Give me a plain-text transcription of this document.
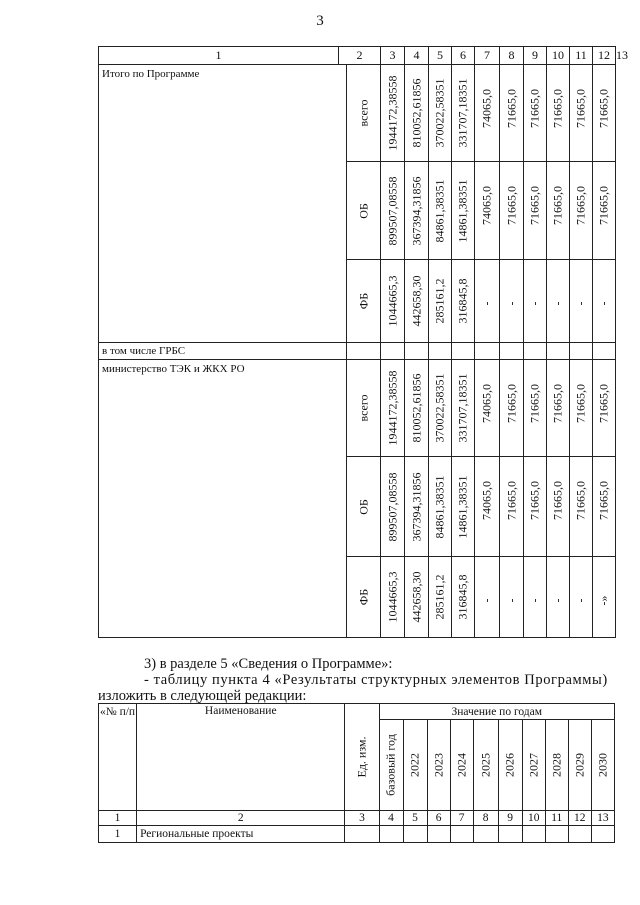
3
1	2		3	4	5	6	7	8	9	10	11	12	13
Итого по Программе		всего	1944172,38558	810052,61856	370022,58351	331707,18351	74065,0	71665,0	71665,0	71665,0	71665,0	71665,0	

		ОБ	899507,08558	367394,31856	84861,38351	14861,38351	74065,0	71665,0	71665,0	71665,0	71665,0	71665,0	

		ФБ	1044665,3	442658,30	285161,2	316845,8	-	-	-	-	-	-	

в том числе ГРБС													
министерство ТЭК и ЖКХ РО		всего	1944172,38558	810052,61856	370022,58351	331707,18351	74065,0	71665,0	71665,0	71665,0	71665,0	71665,0	

		ОБ	899507,08558	367394,31856	84861,38351	14861,38351	74065,0	71665,0	71665,0	71665,0	71665,0	71665,0	

		ФБ	1044665,3	442658,30	285161,2	316845,8	-	-	-	-	-	-»	
3) в разделе 5 «Сведения о Программе»:
- таблицу пункта 4 «Результаты структурных элементов Программы)
изложить в следующей редакции:
«№ п/п	Наименование	Ед. изм.	Значение по годам									

			базовый год	2022	2023	2024	2025	2026	2027	2028	2029	2030

1	2	3	4	5	6	7	8	9	10	11	12	13
1	Региональные проекты											
